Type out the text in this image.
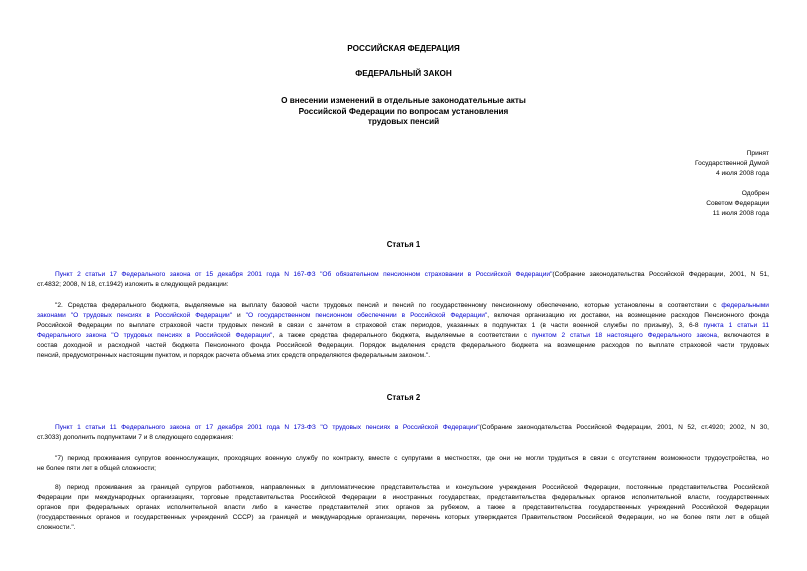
РОССИЙСКАЯ ФЕДЕРАЦИЯ
ФЕДЕРАЛЬНЫЙ ЗАКОН
О внесении изменений в отдельные законодательные акты
Российской Федерации по вопросам установления
трудовых пенсий
Принят
Государственной Думой
4 июля 2008 года
Одобрен
Советом Федерации
11 июля 2008 года
Статья 1
Пункт 2 статьи 17 Федерального закона от 15 декабря 2001 года N 167-ФЗ "Об обязательном пенсионном страховании в Российской Федерации"(Собрание законодательства Российской Федерации, 2001, N 51,
ст.4832; 2008, N 18, ст.1942) изложить в следующей редакции:
"2. Средства федерального бюджета, выделяемые на выплату базовой части трудовых пенсий и пенсий по государственному пенсионному обеспечению, которые установлены в соответствии с федеральными
законами "О трудовых пенсиях в Российской Федерации" и "О государственном пенсионном обеспечении в Российской Федерации", включая организацию их доставки, на возмещение расходов Пенсионного фонда
Российской Федерации по выплате страховой части трудовых пенсий в связи с зачетом в страховой стаж периодов, указанных в подпунктах 1 (в части военной службы по призыву), 3, 6-8 пункта 1 статьи 11
Федерального закона "О трудовых пенсиях в Российской Федерации", а также средства федерального бюджета, выделяемые в соответствии с пунктом 2 статьи 18 настоящего Федерального закона, включаются в
состав доходной и расходной частей бюджета Пенсионного фонда Российской Федерации. Порядок выделения средств федерального бюджета на возмещение расходов по выплате страховой части трудовых
пенсий, предусмотренных настоящим пунктом, и порядок расчета объема этих средств определяются федеральным законом.".
Статья 2
Пункт 1 статьи 11 Федерального закона от 17 декабря 2001 года N 173-ФЗ "О трудовых пенсиях в Российской Федерации"(Собрание законодательства Российской Федерации, 2001, N 52, ст.4920; 2002, N 30,
ст.3033) дополнить подпунктами 7 и 8 следующего содержания:
"7) период проживания супругов военнослужащих, проходящих военную службу по контракту, вместе с супругами в местностях, где они не могли трудиться в связи с отсутствием возможности трудоустройства, но
не более пяти лет в общей сложности;
8) период проживания за границей супругов работников, направленных в дипломатические представительства и консульские учреждения Российской Федерации, постоянные представительства Российской
Федерации при международных организациях, торговые представительства Российской Федерации в иностранных государствах, представительства федеральных органов исполнительной власти, государственных
органов при федеральных органах исполнительной власти либо в качестве представителей этих органов за рубежом, а также в представительства государственных учреждений Российской Федерации
(государственных органов и государственных учреждений СССР) за границей и международные организации, перечень которых утверждается Правительством Российской Федерации, но не более пяти лет в общей
сложности.".
